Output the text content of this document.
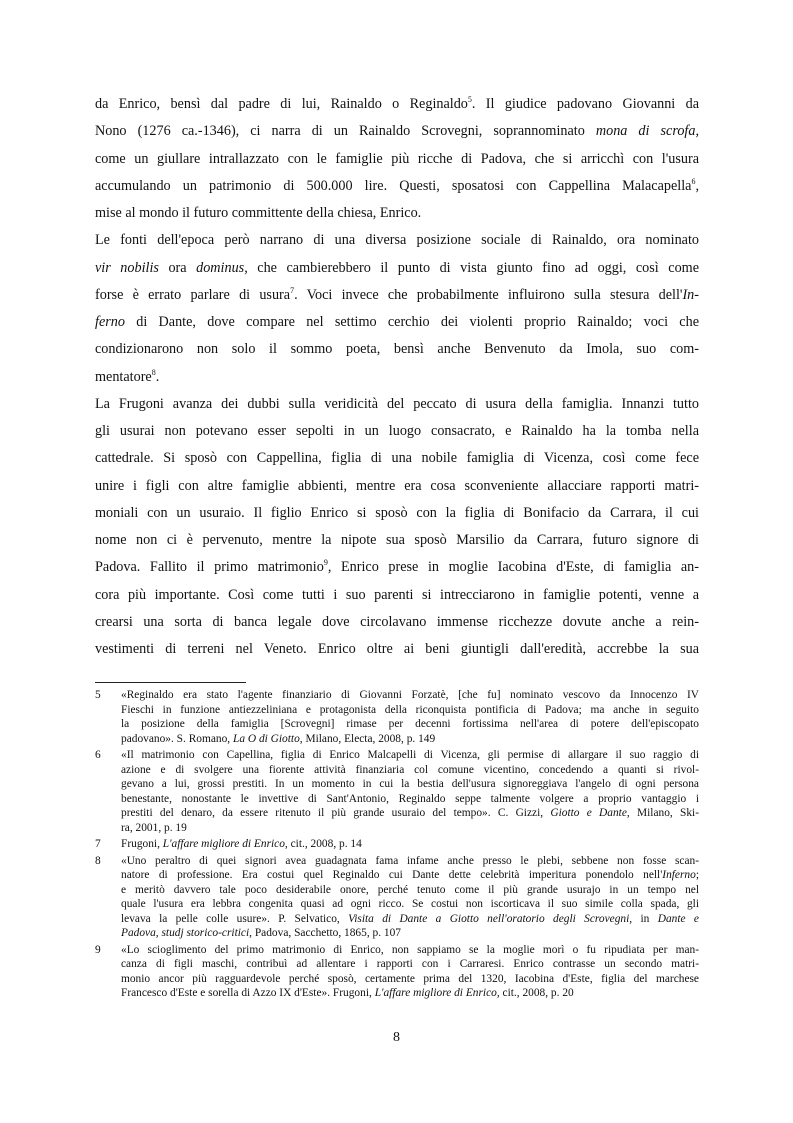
da Enrico, bensì dal padre di lui, Rainaldo o Reginaldo$^5$. Il giudice padovano Giovanni da
Nono (1276 ca.-1346), ci narra di un Rainaldo Scrovegni, soprannominato mona di scrofa,
come un giullare intrallazzato con le famiglie più ricche di Padova, che si arricchì con l'usura
accumulando un patrimonio di 500.000 lire. Questi, sposatosi con Cappellina Malacapella$^6$,
mise al mondo il futuro committente della chiesa, Enrico.
Le fonti dell'epoca però narrano di una diversa posizione sociale di Rainaldo, ora nominato
vir nobilis ora dominus, che cambierebbero il punto di vista giunto fino ad oggi, così come
forse è errato parlare di usura$^7$. Voci invece che probabilmente influirono sulla stesura dell'In-
ferno di Dante, dove compare nel settimo cerchio dei violenti proprio Rainaldo; voci che
condizionarono non solo il sommo poeta, bensì anche Benvenuto da Imola, suo com-
mentatore$^8$.
La Frugoni avanza dei dubbi sulla veridicità del peccato di usura della famiglia. Innanzi tutto
gli usurai non potevano esser sepolti in un luogo consacrato, e Rainaldo ha la tomba nella
cattedrale. Si sposò con Cappellina, figlia di una nobile famiglia di Vicenza, così come fece
unire i figli con altre famiglie abbienti, mentre era cosa sconveniente allacciare rapporti matri-
moniali con un usuraio. Il figlio Enrico si sposò con la figlia di Bonifacio da Carrara, il cui
nome non ci è pervenuto, mentre la nipote sua sposò Marsilio da Carrara, futuro signore di
Padova. Fallito il primo matrimonio$^9$, Enrico prese in moglie Iacobina d'Este, di famiglia an-
cora più importante. Così come tutti i suo parenti si intrecciarono in famiglie potenti, venne a
crearsi una sorta di banca legale dove circolavano immense ricchezze dovute anche a rein-
vestimenti di terreni nel Veneto. Enrico oltre ai beni giuntigli dall'eredità, accrebbe la sua
5 «Reginaldo era stato l'agente finanziario di Giovanni Forzatè, [che fu] nominato vescovo da Innocenzo IV
Fieschi in funzione antiezzeliniana e protagonista della riconquista pontificia di Padova; ma anche in seguito
la posizione della famiglia [Scrovegni] rimase per decenni fortissima nell'area di potere dell'episcopato
padovano». S. Romano, La O di Giotto, Milano, Electa, 2008, p. 149
6 «Il matrimonio con Capellina, figlia di Enrico Malcapelli di Vicenza, gli permise di allargare il suo raggio di
azione e di svolgere una fiorente attività finanziaria col comune vicentino, concedendo a quanti si rivol-
gevano a lui, grossi prestiti. In un momento in cui la bestia dell'usura signoreggiava l'angelo di ogni persona
benestante, nonostante le invettive di Sant'Antonio, Reginaldo seppe talmente volgere a proprio vantaggio i
prestiti del denaro, da essere ritenuto il più grande usuraio del tempo». C. Gizzi, Giotto e Dante, Milano, Ski-
ra, 2001, p. 19
7 Frugoni, L'affare migliore di Enrico, cit., 2008, p. 14
8 «Uno peraltro di quei signori avea guadagnata fama infame anche presso le plebi, sebbene non fosse scan-
natore di professione. Era costui quel Reginaldo cui Dante dette celebrità imperitura ponendolo nell'Inferno;
e meritò davvero tale poco desiderabile onore, perché tenuto come il più grande usurajo in un tempo nel
quale l'usura era lebbra congenita quasi ad ogni ricco. Se costui non iscorticava il suo simile colla spada, gli
levava la pelle colle usure». P. Selvatico, Visita di Dante a Giotto nell'oratorio degli Scrovegni, in Dante e
Padova, studj storico-critici, Padova, Sacchetto, 1865, p. 107
9 «Lo scioglimento del primo matrimonio di Enrico, non sappiamo se la moglie morì o fu ripudiata per man-
canza di figli maschi, contribuì ad allentare i rapporti con i Carraresi. Enrico contrasse un secondo matri-
monio ancor più ragguardevole perché sposò, certamente prima del 1320, Iacobina d'Este, figlia del marchese
Francesco d'Este e sorella di Azzo IX d'Este». Frugoni, L'affare migliore di Enrico, cit., 2008, p. 20
8
